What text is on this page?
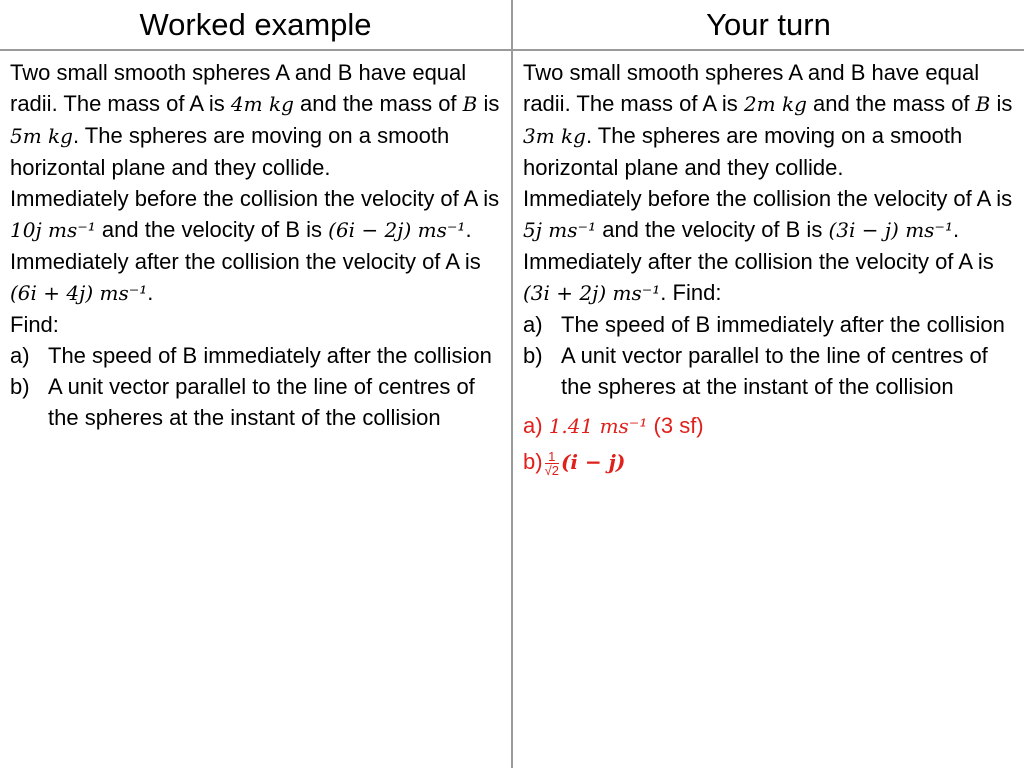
Worked example	Your turn
Two small smooth spheres A and B have equal radii. The mass of A is 4m kg and the mass of B is 5m kg. The spheres are moving on a smooth horizontal plane and they collide.
Immediately before the collision the velocity of A is 10j ms⁻¹ and the velocity of B is (6i − 2j) ms⁻¹. Immediately after the collision the velocity of A is (6i + 4j) ms⁻¹.
Find:
a) The speed of B immediately after the collision
b) A unit vector parallel to the line of centres of the spheres at the instant of the collision
Two small smooth spheres A and B have equal radii. The mass of A is 2m kg and the mass of B is 3m kg. The spheres are moving on a smooth horizontal plane and they collide.
Immediately before the collision the velocity of A is 5j ms⁻¹ and the velocity of B is (3i − j) ms⁻¹. Immediately after the collision the velocity of A is (3i + 2j) ms⁻¹. Find:
a) The speed of B immediately after the collision
b) A unit vector parallel to the line of centres of the spheres at the instant of the collision
a) 1.41 ms⁻¹ (3 sf)
$b) \frac{1}{√2} (i - j)$
